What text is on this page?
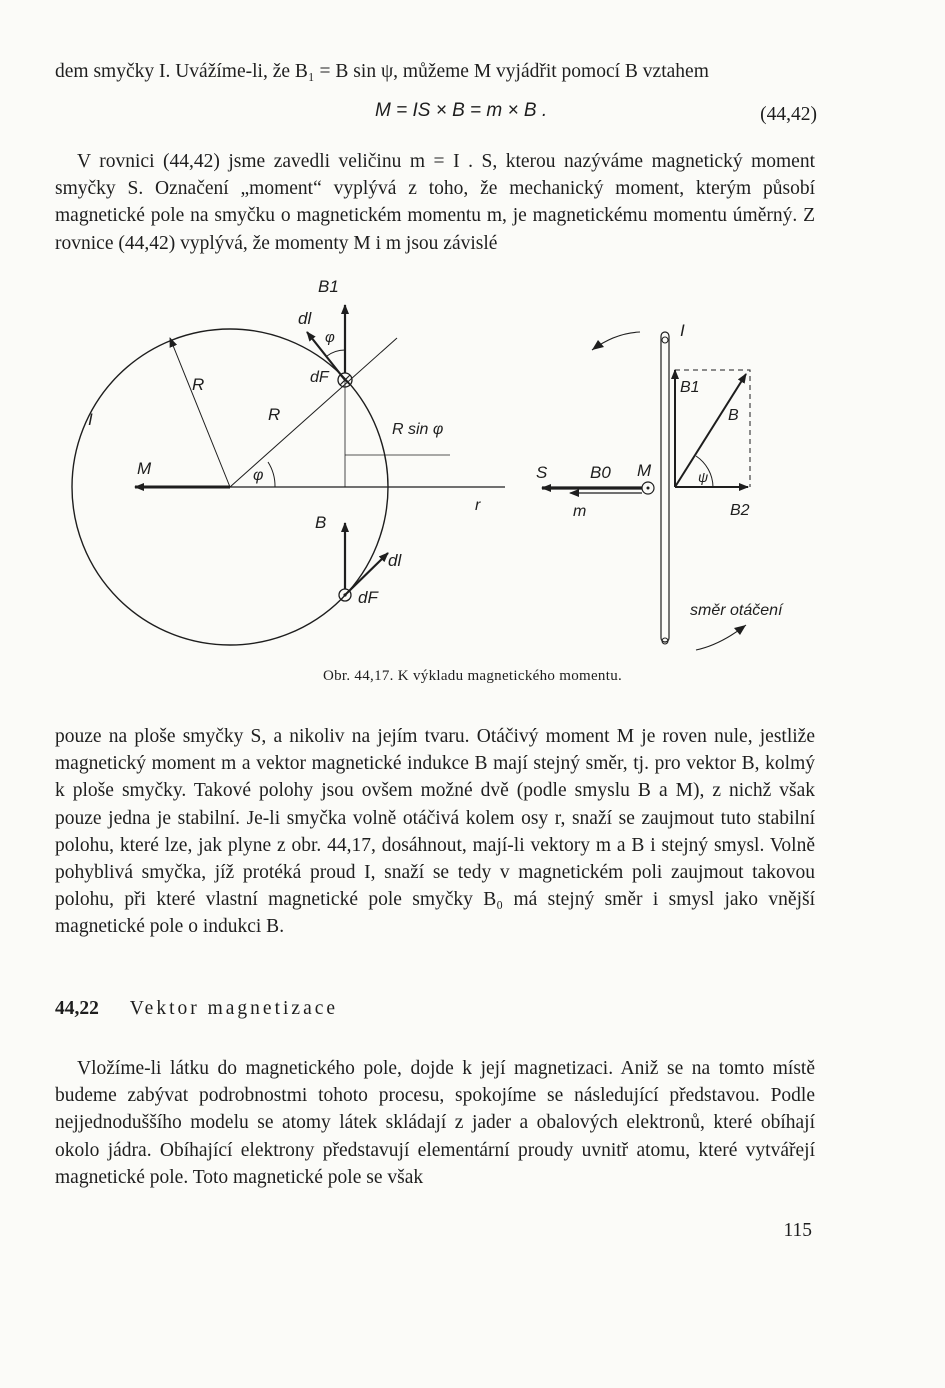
dem smyčky I. Uvážíme-li, že B₁ = B sin ψ, můžeme M vyjádřit pomocí B vztahem

M = IS × B = m × B .	(44,42)

V rovnici (44,42) jsme zavedli veličinu m = I . S, kterou nazýváme magnetický moment smyčky S. Označení „moment“ vyplývá z toho, že mechanický moment, kterým působí magnetické pole na smyčku o magnetickém momentu m, je magnetickému momentu úměrný. Z rovnice (44,42) vyplývá, že momenty M i m jsou závislé

I
M
R
R
R sin φ
φ
φ
B1
dl
dF
B
dl
dF
r
I
S	B0 M
m
B1
B
ψ
B2
směr otáčení
Obr. 44,17. K výkladu magnetického momentu.

pouze na ploše smyčky S, a nikoliv na jejím tvaru. Otáčivý moment M je roven nule, jestliže magnetický moment m a vektor magnetické indukce B mají stejný směr, tj. pro vektor B, kolmý k ploše smyčky. Takové polohy jsou ovšem možné dvě (podle smyslu B a M), z nichž však pouze jedna je stabilní. Je-li smyčka volně otáčivá kolem osy r, snaží se zaujmout tuto stabilní polohu, které lze, jak plyne z obr. 44,17, dosáhnout, mají-li vektory m a B i stejný smysl. Volně pohyblivá smyčka, jíž protéká proud I, snaží se tedy v magnetickém poli zaujmout takovou polohu, při které vlastní magnetické pole smyčky B₀ má stejný směr i smysl jako vnější magnetické pole o indukci B.

44,22 Vektor magnetizace

Vložíme-li látku do magnetického pole, dojde k její magnetizaci. Aniž se na tomto místě budeme zabývat podrobnostmi tohoto procesu, spokojíme se následující představou. Podle nejjednoduššího modelu se atomy látek skládají z jader a obalových elektronů, které obíhají okolo jádra. Obíhající elektrony představují elementární proudy uvnitř atomu, které vytvářejí magnetické pole. Toto magnetické pole se však

115
